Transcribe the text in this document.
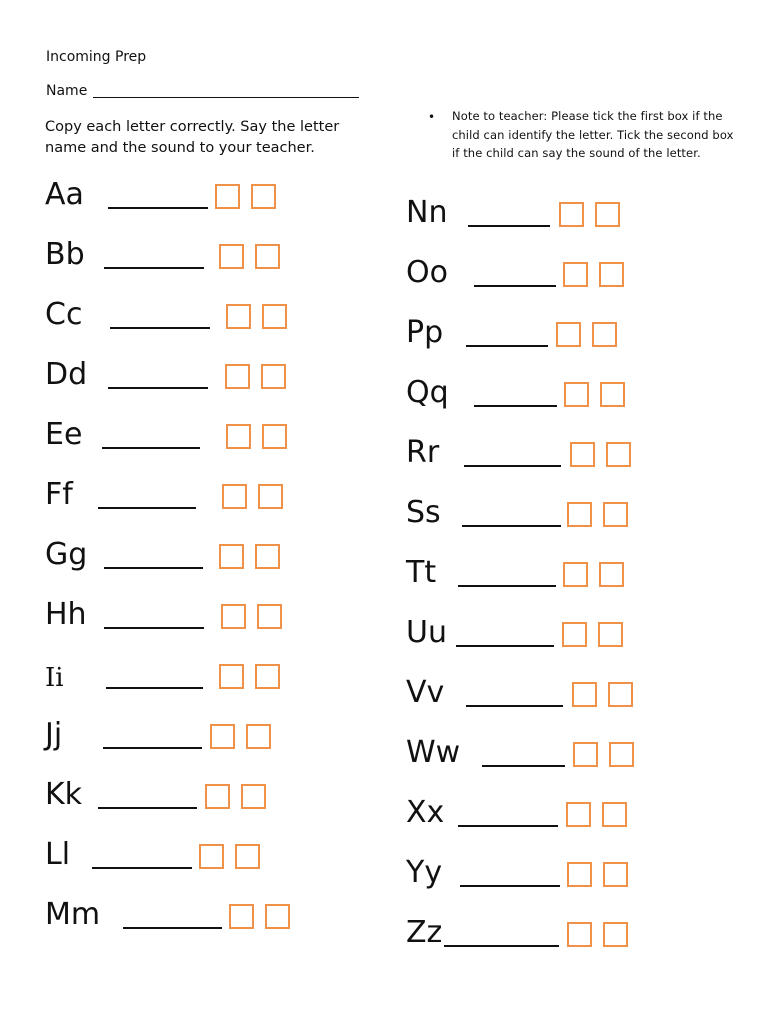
Incoming Prep
Name
Copy each letter correctly. Say the letter name and the sound to your teacher.
• Note to teacher: Please tick the first box if the child can identify the letter. Tick the second box if the child can say the sound of the letter.
Aa
Bb
Cc
Dd
Ee
Ff
Gg
Hh
Ii
Jj
Kk
Ll
Mm
Nn
Oo
Pp
Qq
Rr
Ss
Tt
Uu
Vv
Ww
Xx
Yy
Zz
